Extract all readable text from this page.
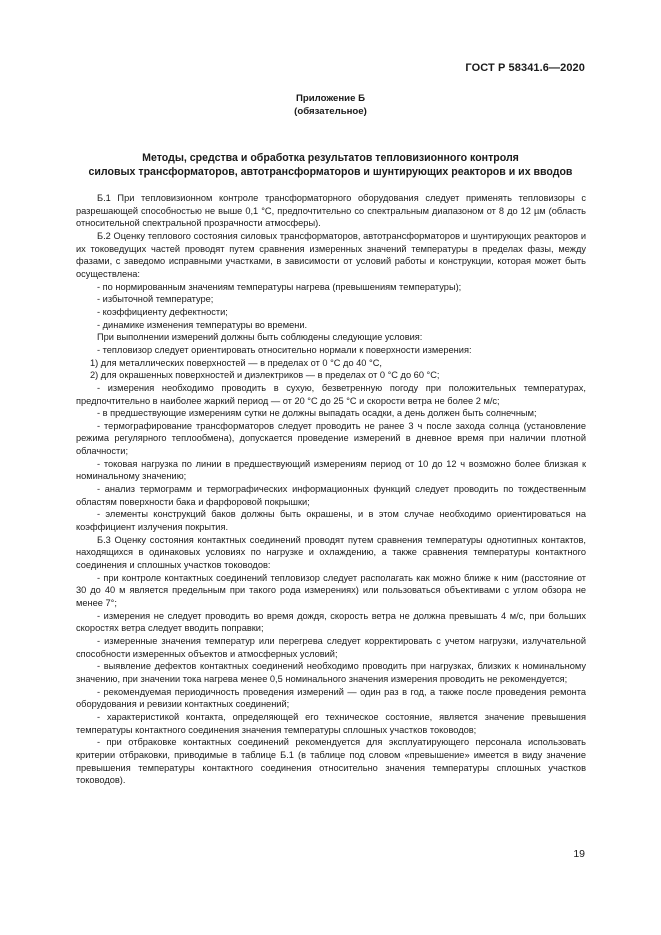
ГОСТ Р 58341.6—2020
Приложение Б
(обязательное)
Методы, средства и обработка результатов тепловизионного контроля
силовых трансформаторов, автотрансформаторов и шунтирующих реакторов и их вводов

Б.1 При тепловизионном контроле трансформаторного оборудования следует применять тепловизоры с разрешающей способностью не выше 0,1 °С, предпочтительно со спектральным диапазоном от 8 до 12 µм (область относительной спектральной прозрачности атмосферы).

Б.2 Оценку теплового состояния силовых трансформаторов, автотрансформаторов и шунтирующих реакторов и их токоведущих частей проводят путем сравнения измеренных значений температуры в пределах фазы, между фазами, с заведомо исправными участками, в зависимости от условий работы и конструкции, которая может быть осуществлена:

- по нормированным значениям температуры нагрева (превышениям температуры);

- избыточной температуре;

- коэффициенту дефектности;

- динамике изменения температуры во времени.

При выполнении измерений должны быть соблюдены следующие условия:

- тепловизор следует ориентировать относительно нормали к поверхности измерения:

1) для металлических поверхностей — в пределах от 0 °С до 40 °С,

2) для окрашенных поверхностей и диэлектриков — в пределах от 0 °С до 60 °С;

- измерения необходимо проводить в сухую, безветренную погоду при положительных температурах, предпочтительно в наиболее жаркий период — от 20 °С до 25 °С и скорости ветра не более 2 м/с;

- в предшествующие измерениям сутки не должны выпадать осадки, а день должен быть солнечным;

- термографирование трансформаторов следует проводить не ранее 3 ч после захода солнца (установление режима регулярного теплообмена), допускается проведение измерений в дневное время при наличии плотной облачности;

- токовая нагрузка по линии в предшествующий измерениям период от 10 до 12 ч возможно более близкая к номинальному значению;

- анализ термограмм и термографических информационных функций следует проводить по тождественным областям поверхности бака и фарфоровой покрышки;

- элементы конструкций баков должны быть окрашены, и в этом случае необходимо ориентироваться на коэффициент излучения покрытия.

Б.3 Оценку состояния контактных соединений проводят путем сравнения температуры однотипных контактов, находящихся в одинаковых условиях по нагрузке и охлаждению, а также сравнения температуры контактного соединения и сплошных участков тоководов:

- при контроле контактных соединений тепловизор следует располагать как можно ближе к ним (расстояние от 30 до 40 м является предельным при такого рода измерениях) или пользоваться объективами с углом обзора не менее 7°;

- измерения не следует проводить во время дождя, скорость ветра не должна превышать 4 м/с, при больших скоростях ветра следует вводить поправки;

- измеренные значения температур или перегрева следует корректировать с учетом нагрузки, излучательной способности измеренных объектов и атмосферных условий;

- выявление дефектов контактных соединений необходимо проводить при нагрузках, близких к номинальному значению, при значении тока нагрева менее 0,5 номинального значения измерения проводить не рекомендуется;

- рекомендуемая периодичность проведения измерений — один раз в год, а также после проведения ремонта оборудования и ревизии контактных соединений;

- характеристикой контакта, определяющей его техническое состояние, является значение превышения температуры контактного соединения значения температуры сплошных участков тоководов;

- при отбраковке контактных соединений рекомендуется для эксплуатирующего персонала использовать критерии отбраковки, приводимые в таблице Б.1 (в таблице под словом «превышение» имеется в виду значение превышения температуры контактного соединения относительно значения температуры сплошных участков тоководов).

19
